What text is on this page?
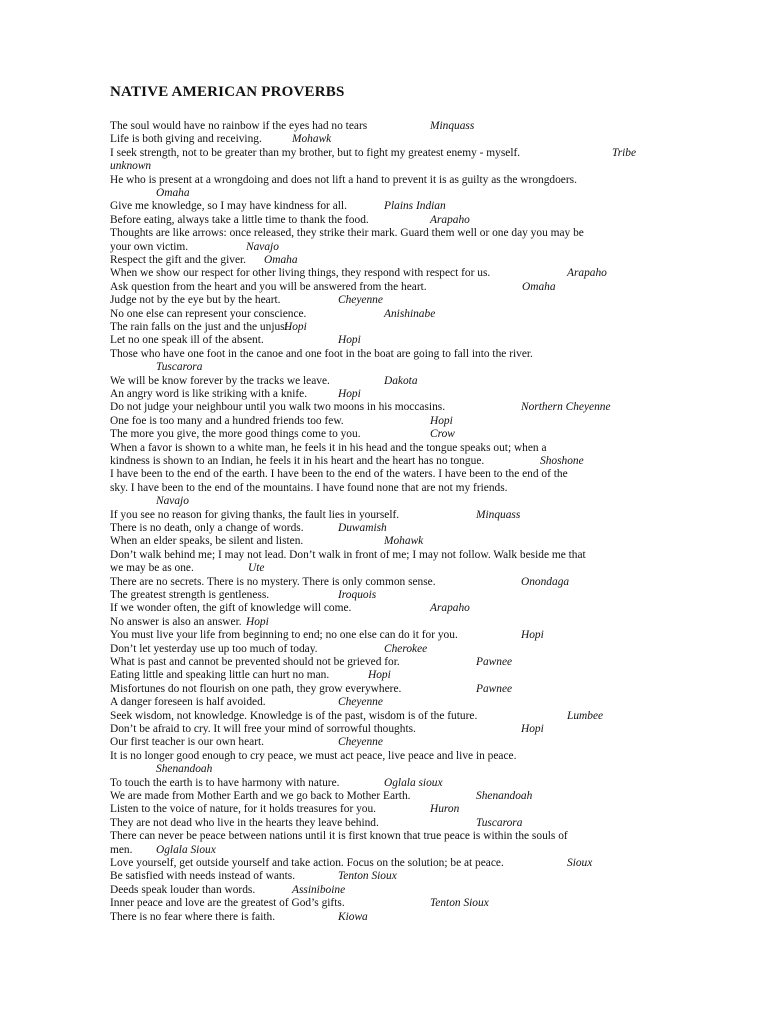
NATIVE AMERICAN PROVERBS
The soul would have no rainbow if the eyes had no tears	Minquass
Life is both giving and receiving.	Mohawk
I seek strength, not to be greater than my brother, but to fight my greatest enemy - myself.	Tribe
unknown
He who is present at a wrongdoing and does not lift a hand to prevent it is as guilty as the wrongdoers.
Omaha
Give me knowledge, so I may have kindness for all.	Plains Indian
Before eating, always take a little time to thank the food.	Arapaho
Thoughts are like arrows: once released, they strike their mark. Guard them well or one day you may be
your own victim.	Navajo
Respect the gift and the giver. Omaha
When we show our respect for other living things, they respond with respect for us.	Arapaho
Ask question from the heart and you will be answered from the heart.	Omaha
Judge not by the eye but by the heart.	Cheyenne
No one else can represent your conscience.	Anishinabe
The rain falls on the just and the unjust.
Hopi
Let no one speak ill of the absent.	Hopi
Those who have one foot in the canoe and one foot in the boat are going to fall into the river.
Tuscarora
We will be know forever by the tracks we leave.	Dakota
An angry word is like striking with a knife.	Hopi
Do not judge your neighbour until you walk two moons in his moccasins.	Northern Cheyenne
One foe is too many and a hundred friends too few.	Hopi
The more you give, the more good things come to you.	Crow
When a favor is shown to a white man, he feels it in his head and the tongue speaks out; when a
kindness is shown to an Indian, he feels it in his heart and the heart has no tongue.	Shoshone
I have been to the end of the earth. I have been to the end of the waters. I have been to the end of the
sky. I have been to the end of the mountains. I have found none that are not my friends.
Navajo
If you see no reason for giving thanks, the fault lies in yourself.	Minquass
There is no death, only a change of words.	Duwamish
When an elder speaks, be silent and listen.	Mohawk
Don’t walk behind me; I may not lead. Don’t walk in front of me; I may not follow. Walk beside me that
we may be as one.	Ute
There are no secrets. There is no mystery. There is only common sense.	Onondaga
The greatest strength is gentleness.	Iroquois
If we wonder often, the gift of knowledge will come.	Arapaho
No answer is also an answer. Hopi
You must live your life from beginning to end; no one else can do it for you.	Hopi
Don’t let yesterday use up too much of today.	Cherokee
What is past and cannot be prevented should not be grieved for.	Pawnee
Eating little and speaking little can hurt no man.	Hopi
Misfortunes do not flourish on one path, they grow everywhere.	Pawnee
A danger foreseen is half avoided.	Cheyenne
Seek wisdom, not knowledge. Knowledge is of the past, wisdom is of the future.	Lumbee
Don’t be afraid to cry. It will free your mind of sorrowful thoughts.	Hopi
Our first teacher is our own heart.	Cheyenne
It is no longer good enough to cry peace, we must act peace, live peace and live in peace.
Shenandoah
To touch the earth is to have harmony with nature.	Oglala sioux
We are made from Mother Earth and we go back to Mother Earth.	Shenandoah
Listen to the voice of nature, for it holds treasures for you.	Huron
They are not dead who live in the hearts they leave behind.	Tuscarora
There can never be peace between nations until it is first known that true peace is within the souls of
men. Oglala Sioux
Love yourself, get outside yourself and take action. Focus on the solution; be at peace.	Sioux
Be satisfied with needs instead of wants.	Tenton Sioux
Deeds speak louder than words.	Assiniboine
Inner peace and love are the greatest of God’s gifts.	Tenton Sioux
There is no fear where there is faith.	Kiowa
